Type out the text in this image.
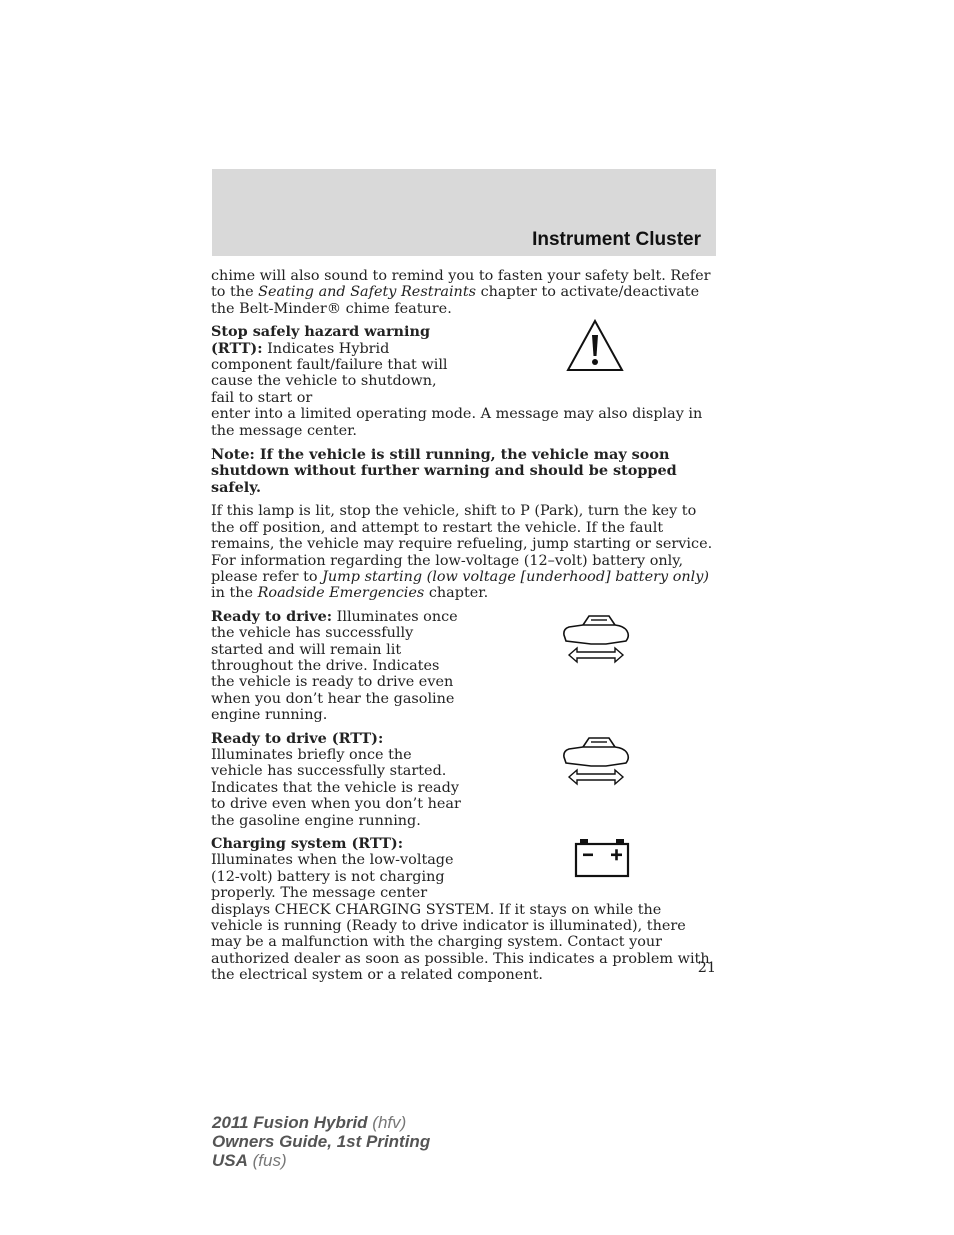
Instrument Cluster

chime will also sound to remind you to fasten your safety belt. Refer to the Seating and Safety Restraints chapter to activate/deactivate the Belt-Minder® chime feature.

Stop safely hazard warning (RTT): Indicates Hybrid component fault/failure that will cause the vehicle to shutdown, fail to start or

enter into a limited operating mode. A message may also display in the message center.

Note: If the vehicle is still running, the vehicle may soon shutdown without further warning and should be stopped safely.

If this lamp is lit, stop the vehicle, shift to P (Park), turn the key to the off position, and attempt to restart the vehicle. If the fault remains, the vehicle may require refueling, jump starting or service. For information regarding the low-voltage (12–volt) battery only, please refer to Jump starting (low voltage [underhood] battery only) in the Roadside Emergencies chapter.

Ready to drive: Illuminates once the vehicle has successfully started and will remain lit throughout the drive. Indicates the vehicle is ready to drive even when you don’t hear the gasoline engine running.
Ready to drive (RTT): Illuminates briefly once the vehicle has successfully started. Indicates that the vehicle is ready to drive even when you don’t hear the gasoline engine running.
Charging system (RTT): Illuminates when the low-voltage (12-volt) battery is not charging properly. The message center

displays CHECK CHARGING SYSTEM. If it stays on while the vehicle is running (Ready to drive indicator is illuminated), there may be a malfunction with the charging system. Contact your authorized dealer as soon as possible. This indicates a problem with the electrical system or a related component.	21
2011 Fusion Hybrid (hfv)
Owners Guide, 1st Printing
USA (fus)
